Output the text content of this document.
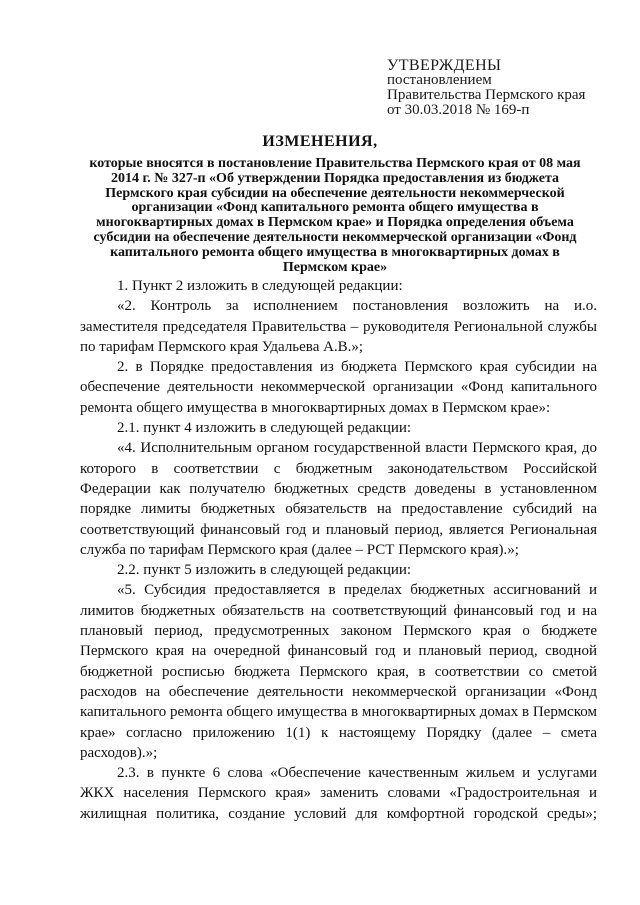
УТВЕРЖДЕНЫ
постановлением
Правительства Пермского края
от 30.03.2018 № 169-п
ИЗМЕНЕНИЯ,
которые вносятся в постановление Правительства Пермского края от 08 мая 2014 г. № 327-п «Об утверждении Порядка предоставления из бюджета Пермского края субсидии на обеспечение деятельности некоммерческой организации «Фонд капитального ремонта общего имущества в многоквартирных домах в Пермском крае» и Порядка определения объема субсидии на обеспечение деятельности некоммерческой организации «Фонд капитального ремонта общего имущества в многоквартирных домах в Пермском крае»

1. Пункт 2 изложить в следующей редакции:

«2. Контроль за исполнением постановления возложить на и.о. заместителя председателя Правительства – руководителя Региональной службы по тарифам Пермского края Удальева А.В.»;

2. в Порядке предоставления из бюджета Пермского края субсидии на обеспечение деятельности некоммерческой организации «Фонд капитального ремонта общего имущества в многоквартирных домах в Пермском крае»:

2.1. пункт 4 изложить в следующей редакции:

«4. Исполнительным органом государственной власти Пермского края, до которого в соответствии с бюджетным законодательством Российской Федерации как получателю бюджетных средств доведены в установленном порядке лимиты бюджетных обязательств на предоставление субсидий на соответствующий финансовый год и плановый период, является Региональная служба по тарифам Пермского края (далее – РСТ Пермского края).»;

2.2. пункт 5 изложить в следующей редакции:

«5. Субсидия предоставляется в пределах бюджетных ассигнований и лимитов бюджетных обязательств на соответствующий финансовый год и на плановый период, предусмотренных законом Пермского края о бюджете Пермского края на очередной финансовый год и плановый период, сводной бюджетной росписью бюджета Пермского края, в соответствии со сметой расходов на обеспечение деятельности некоммерческой организации «Фонд капитального ремонта общего имущества в многоквартирных домах в Пермском крае» согласно приложению 1(1) к настоящему Порядку (далее – смета расходов).»;

2.3. в пункте 6 слова «Обеспечение качественным жильем и услугами ЖКХ населения Пермского края» заменить словами «Градостроительная и жилищная политика, создание условий для комфортной городской среды»;
